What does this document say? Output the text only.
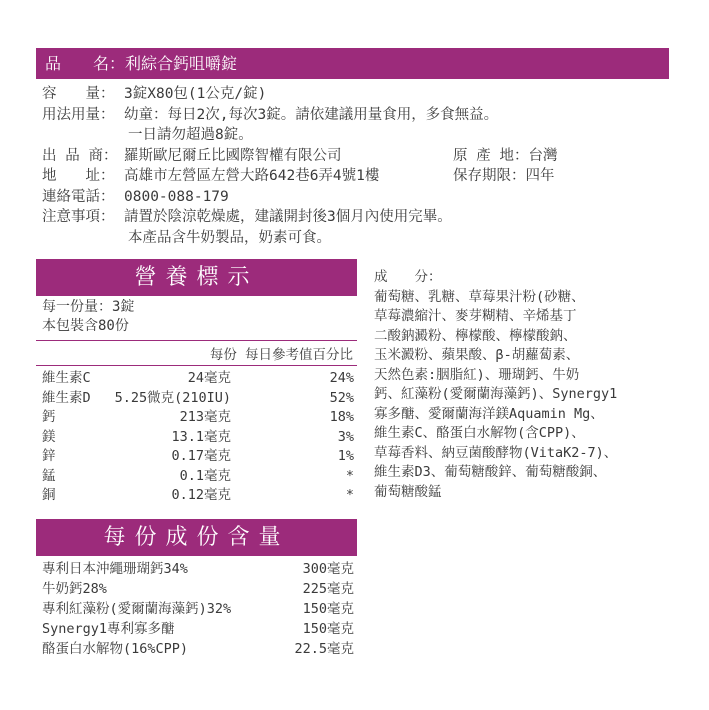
品　　名：利綜合鈣咀嚼錠
容　　量： 3錠X80包(1公克/錠)
用法用量： 幼童：每日2次,每次3錠。請依建議用量食用，多食無益。
一日請勿超過8錠。
出 品 商： 羅斯歐尼爾丘比國際智權有限公司	原 產 地：台灣
地　　址： 高雄市左營區左營大路642巷6弄4號1樓	保存期限：四年
連絡電話： 0800-088-179
注意事項： 請置於陰涼乾燥處，建議開封後3個月內使用完畢。
本產品含牛奶製品，奶素可食。
營養標示
每一份量：3錠
本包裝含80份
每份 每日參考值百分比
維生素C	24毫克	24%
維生素D 5.25微克(210IU)	52%
鈣	213毫克	18%
鎂	13.1毫克	3%
鋅	0.17毫克	1%
錳	0.1毫克	*
銅	0.12毫克	*
每份成份含量
專利日本沖繩珊瑚鈣34%	300毫克
牛奶鈣28%	225毫克
專利紅藻粉(愛爾蘭海藻鈣)32%	150毫克
Synergy1專利寡多醣	150毫克
酪蛋白水解物(16%CPP)	22.5毫克
成　　分：
葡萄糖、乳糖、草莓果汁粉(砂糖、
草莓濃縮汁、麥芽糊精、辛烯基丁
二酸鈉澱粉、檸檬酸、檸檬酸鈉、
玉米澱粉、蘋果酸、β-胡蘿蔔素、
天然色素:胭脂紅)、珊瑚鈣、牛奶
鈣、紅藻粉(愛爾蘭海藻鈣)、Synergy1
寡多醣、愛爾蘭海洋鎂Aquamin Mg、
維生素C、酪蛋白水解物(含CPP)、
草莓香料、納豆菌酸酵物(VitaK2-7)、
維生素D3、葡萄糖酸鋅、葡萄糖酸銅、
葡萄糖酸錳
